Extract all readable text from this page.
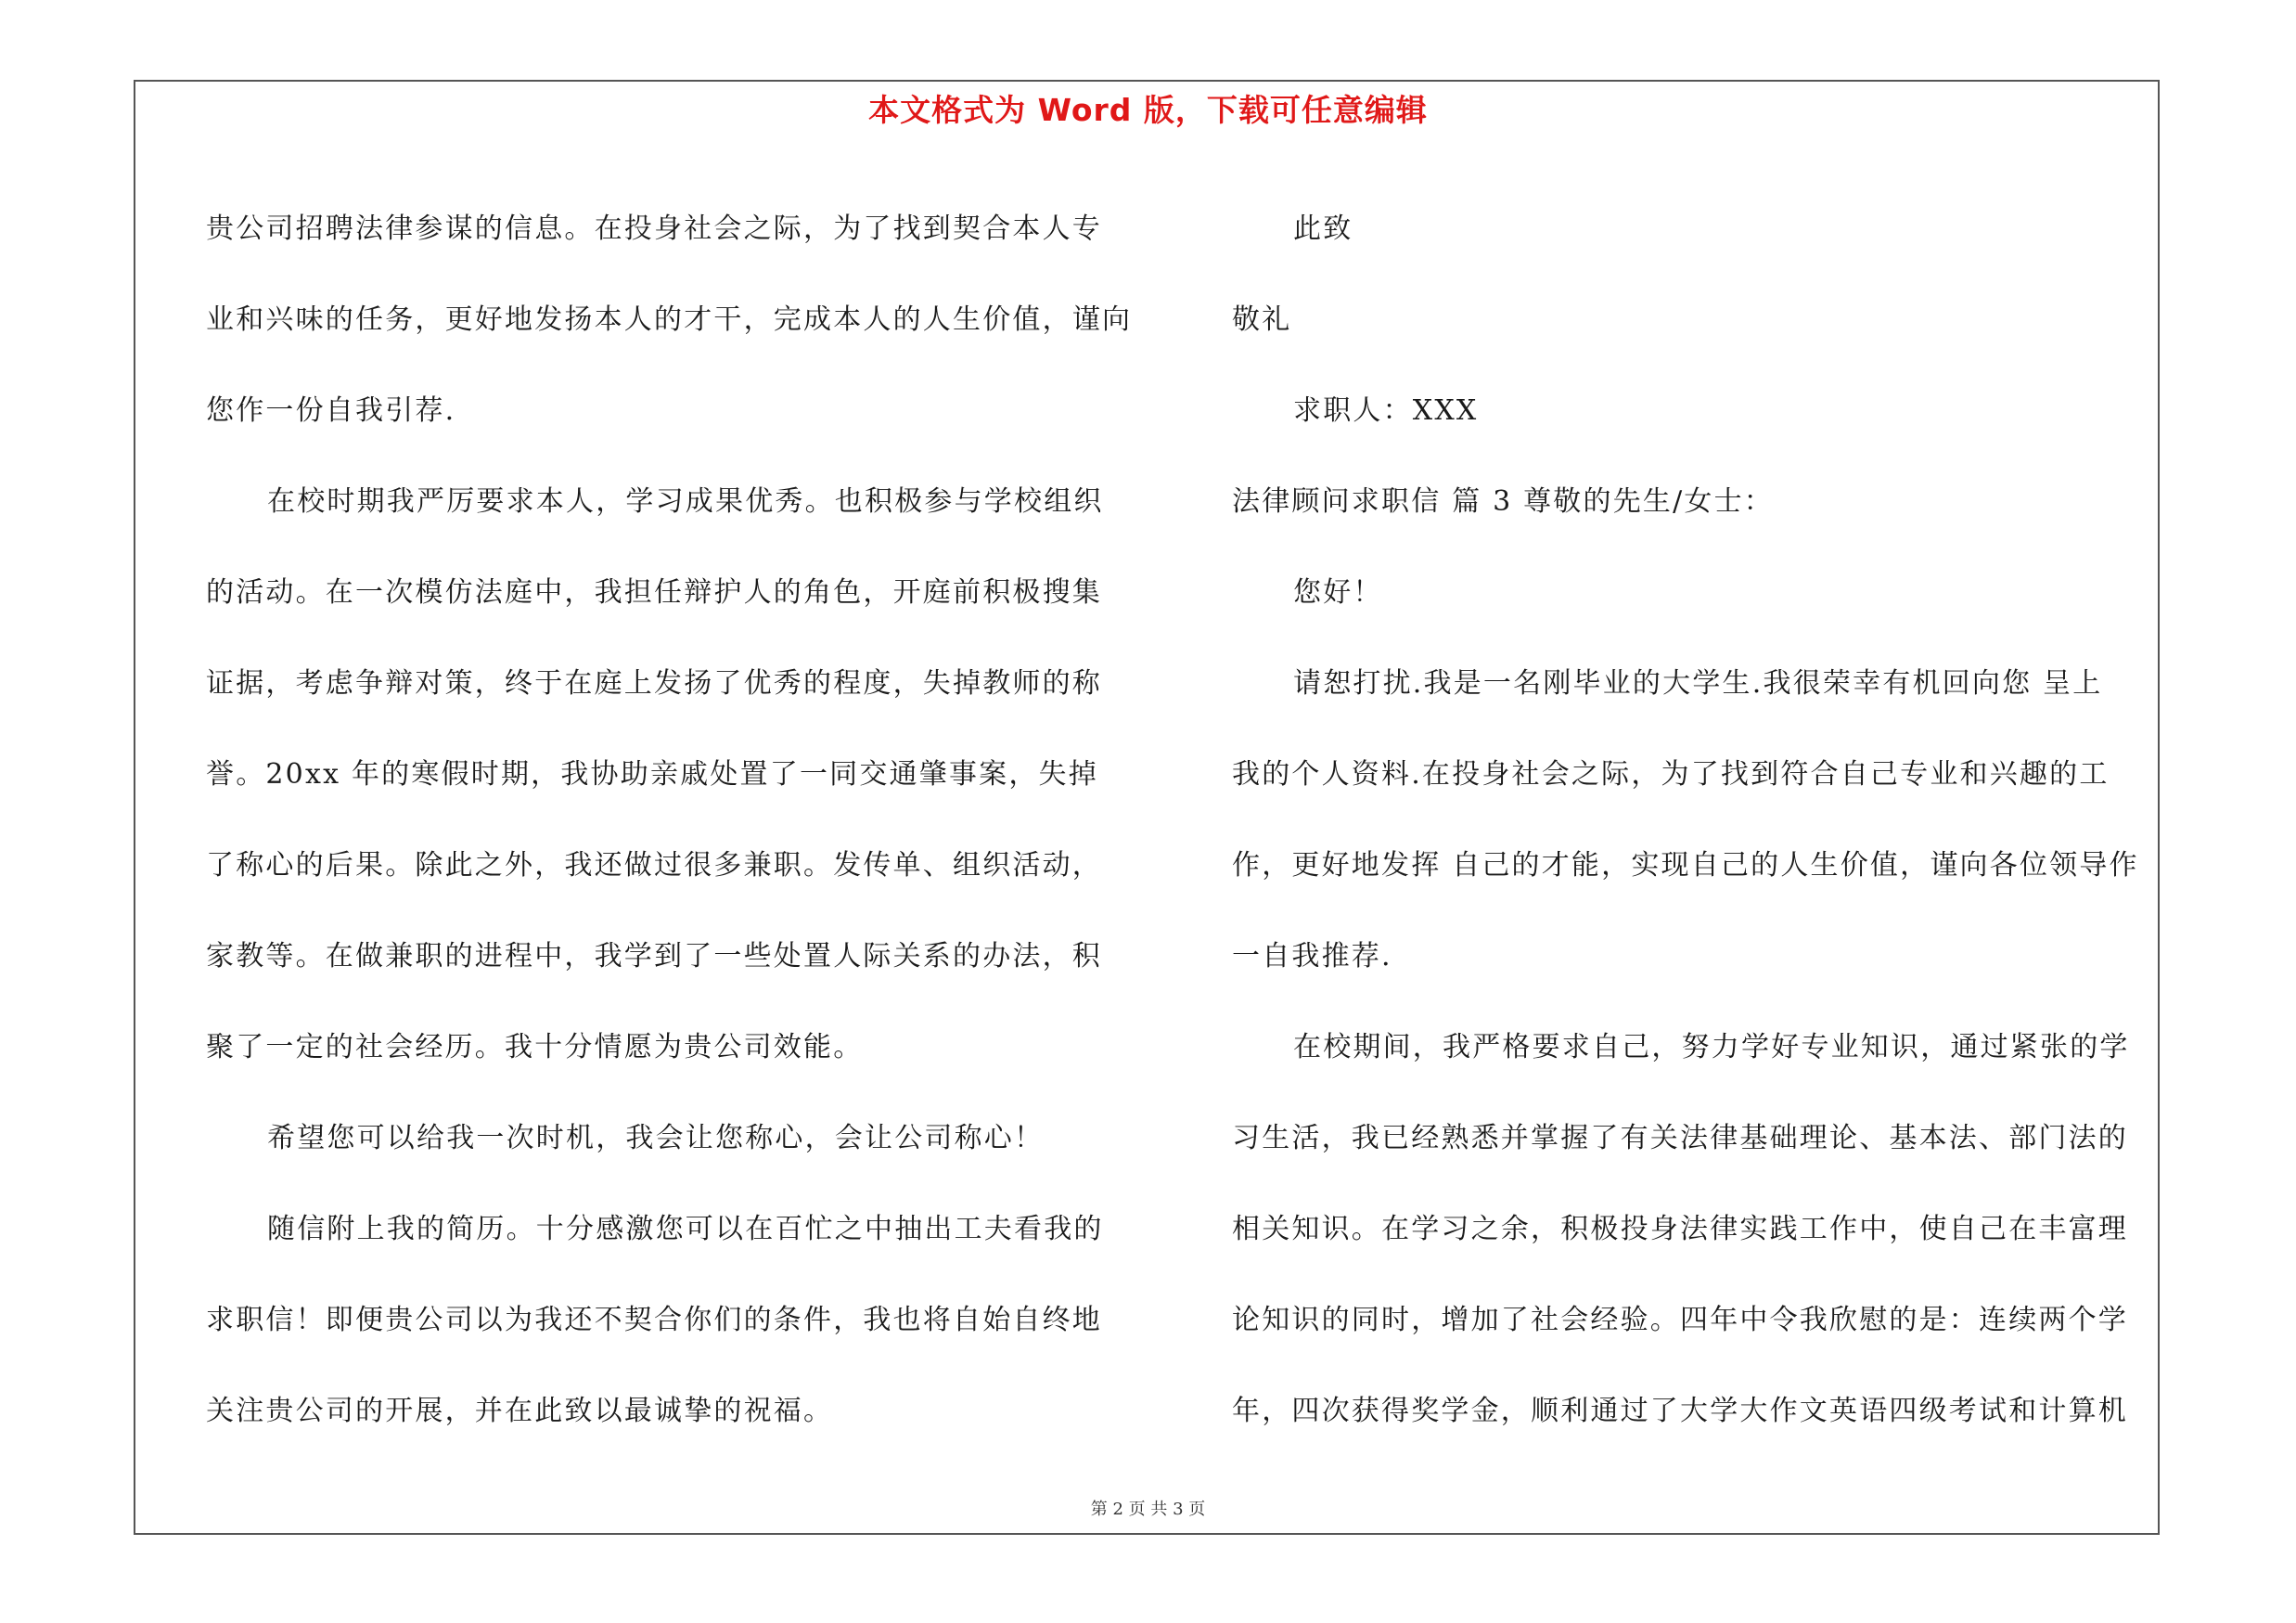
本文格式为 Word 版，下载可任意编辑
贵公司招聘法律参谋的信息。在投身社会之际，为了找到契合本人专
业和兴味的任务，更好地发扬本人的才干，完成本人的人生价值，谨向
您作一份自我引荐.
在校时期我严厉要求本人，学习成果优秀。也积极参与学校组织
的活动。在一次模仿法庭中，我担任辩护人的角色，开庭前积极搜集
证据，考虑争辩对策，终于在庭上发扬了优秀的程度，失掉教师的称
誉。20xx 年的寒假时期，我协助亲戚处置了一同交通肇事案，失掉
了称心的后果。除此之外，我还做过很多兼职。发传单、组织活动，
家教等。在做兼职的进程中，我学到了一些处置人际关系的办法，积
聚了一定的社会经历。我十分情愿为贵公司效能。
希望您可以给我一次时机，我会让您称心，会让公司称心！
随信附上我的简历。十分感激您可以在百忙之中抽出工夫看我的
求职信！即便贵公司以为我还不契合你们的条件，我也将自始自终地
关注贵公司的开展，并在此致以最诚挚的祝福。
此致
敬礼
求职人：XXX
法律顾问求职信 篇 3 尊敬的先生/女士：
您好！
请恕打扰.我是一名刚毕业的大学生.我很荣幸有机回向您 呈上
我的个人资料.在投身社会之际，为了找到符合自己专业和兴趣的工
作，更好地发挥 自己的才能，实现自己的人生价值，谨向各位领导作
一自我推荐.
在校期间，我严格要求自己，努力学好专业知识，通过紧张的学
习生活，我已经熟悉并掌握了有关法律基础理论、基本法、部门法的
相关知识。在学习之余，积极投身法律实践工作中，使自己在丰富理
论知识的同时，增加了社会经验。四年中令我欣慰的是：连续两个学
年，四次获得奖学金，顺利通过了大学大作文英语四级考试和计算机
第 2 页 共 3 页
